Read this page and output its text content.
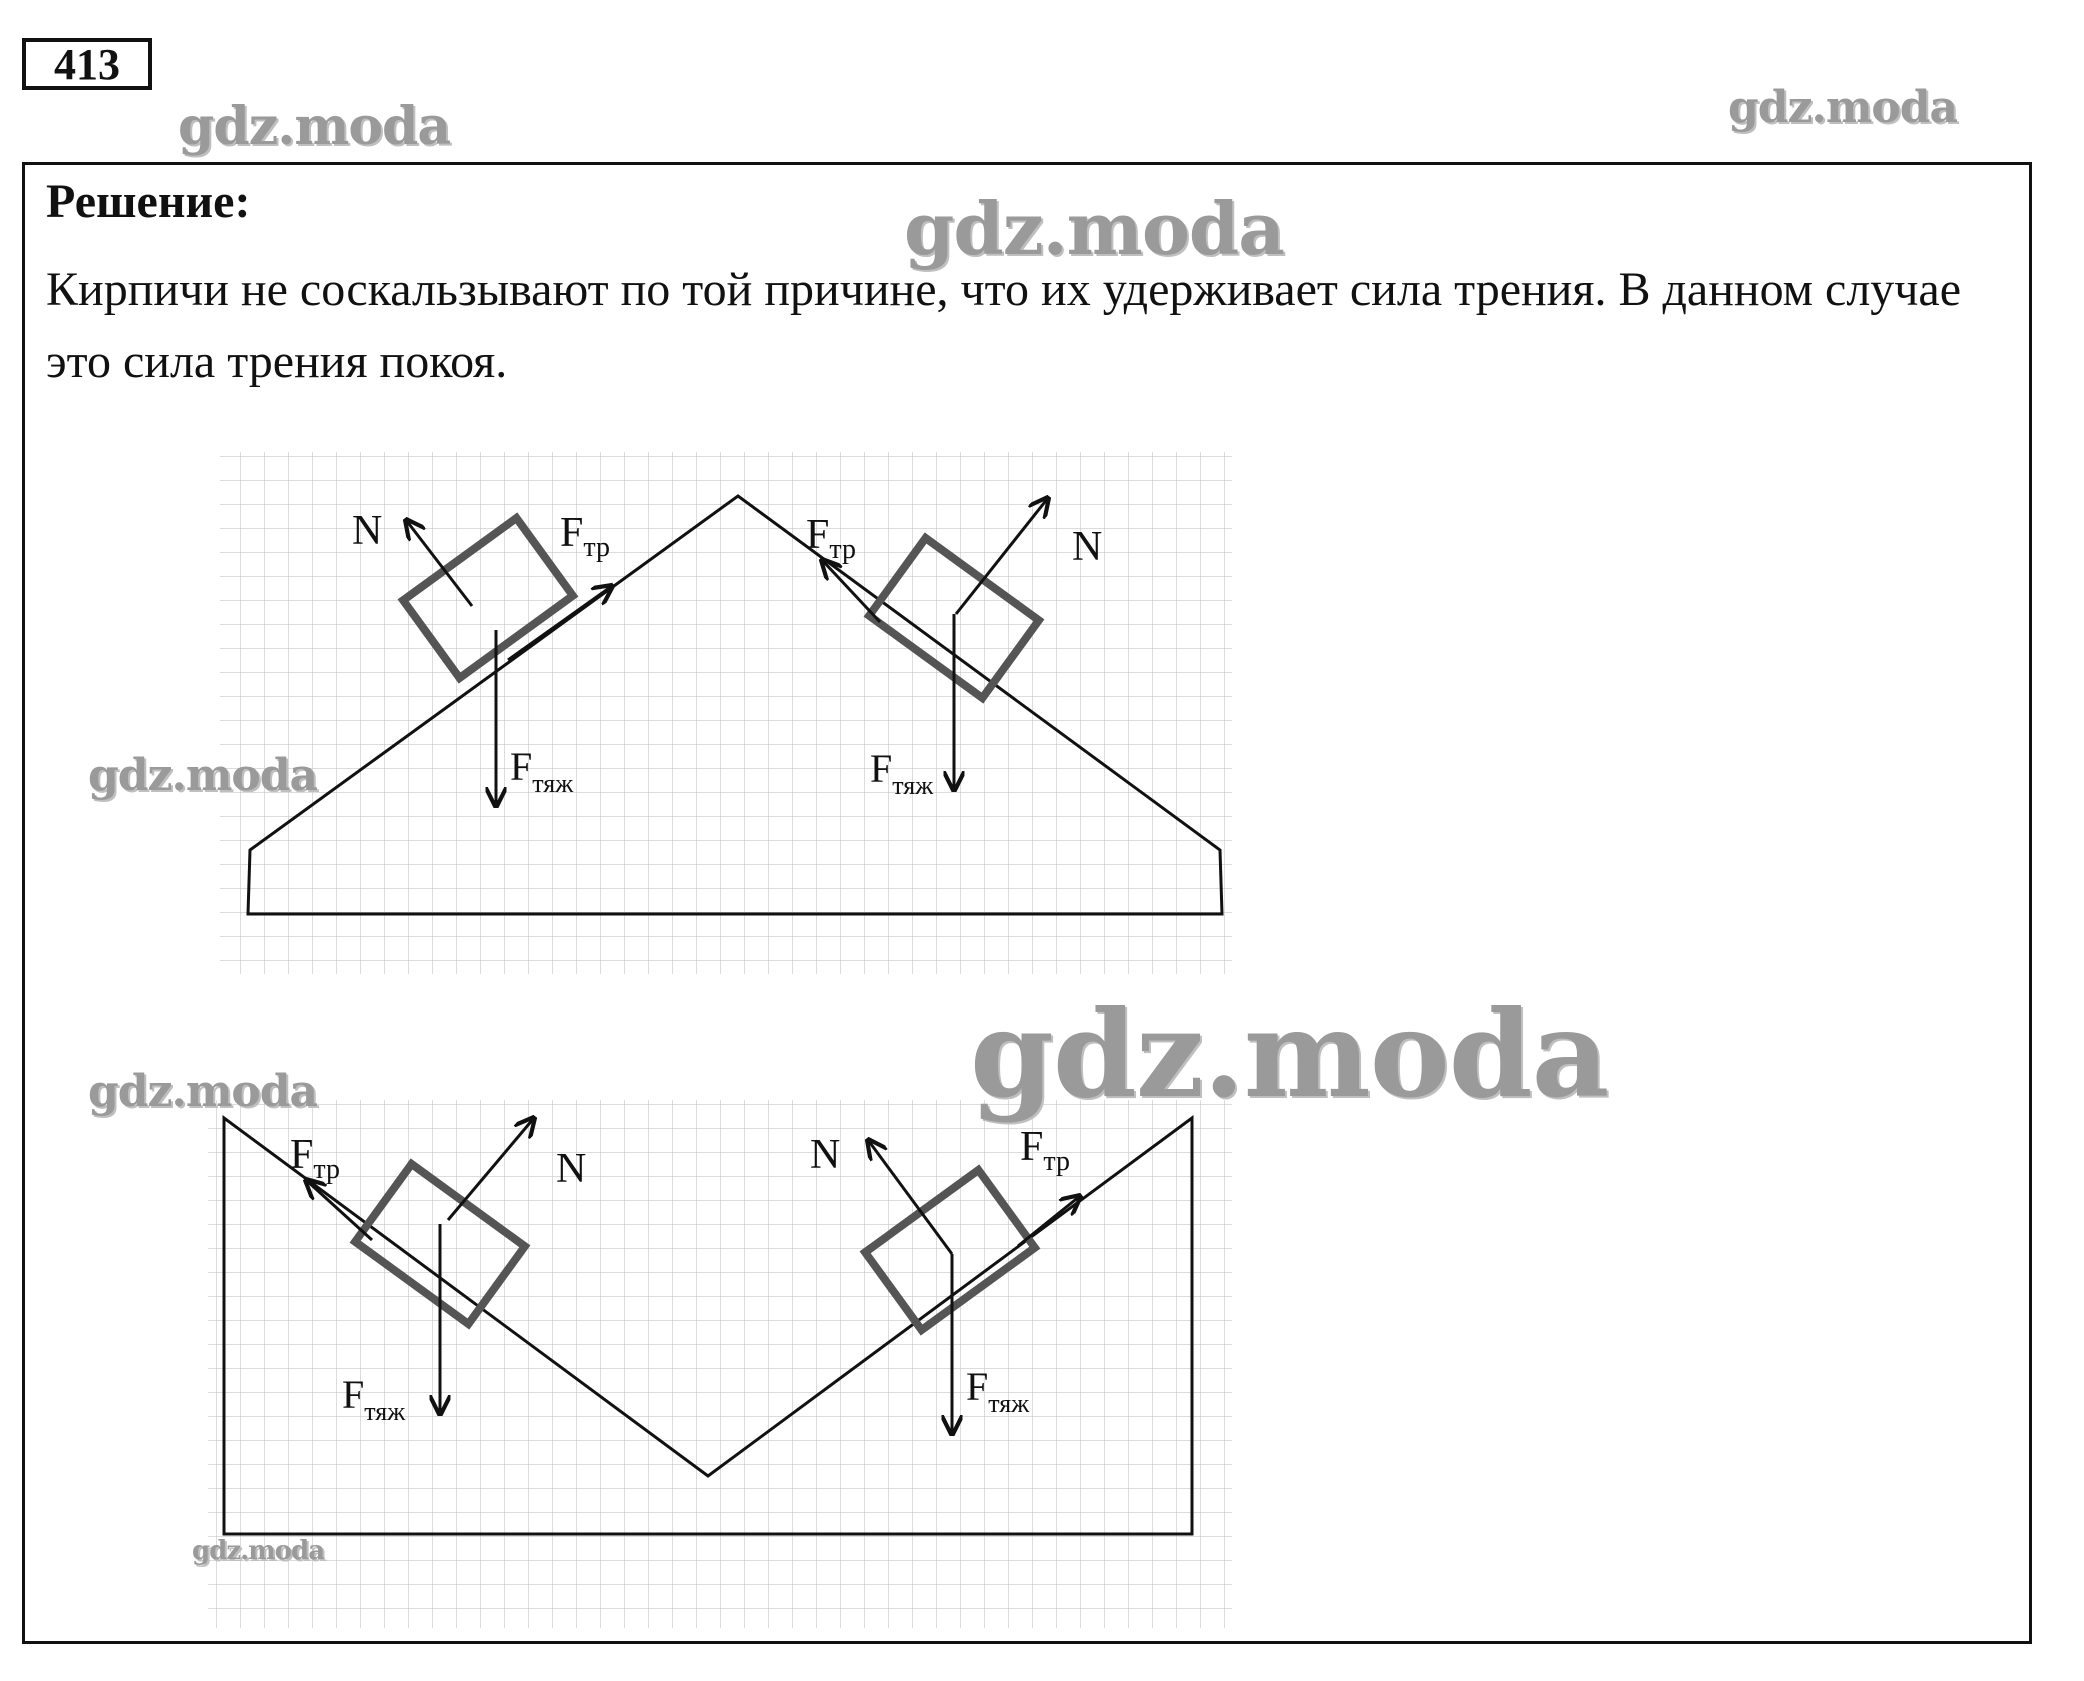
413
gdz.moda	gdz.moda
Решение:	gdz.moda
Кирпичи не соскальзывают по той причине, что их удерживает сила трения. В данном случае это сила трения покоя.
N	$F_{тр}$
$F_{тяж}$
N
$F_{тр}$
$F_{тяж}$
N
$F_{тр}$
$F_{тяж}$
N	$F_{тр}$
$F_{тяж}$
gdz.moda
gdz.moda
gdz.moda
gdz.moda
